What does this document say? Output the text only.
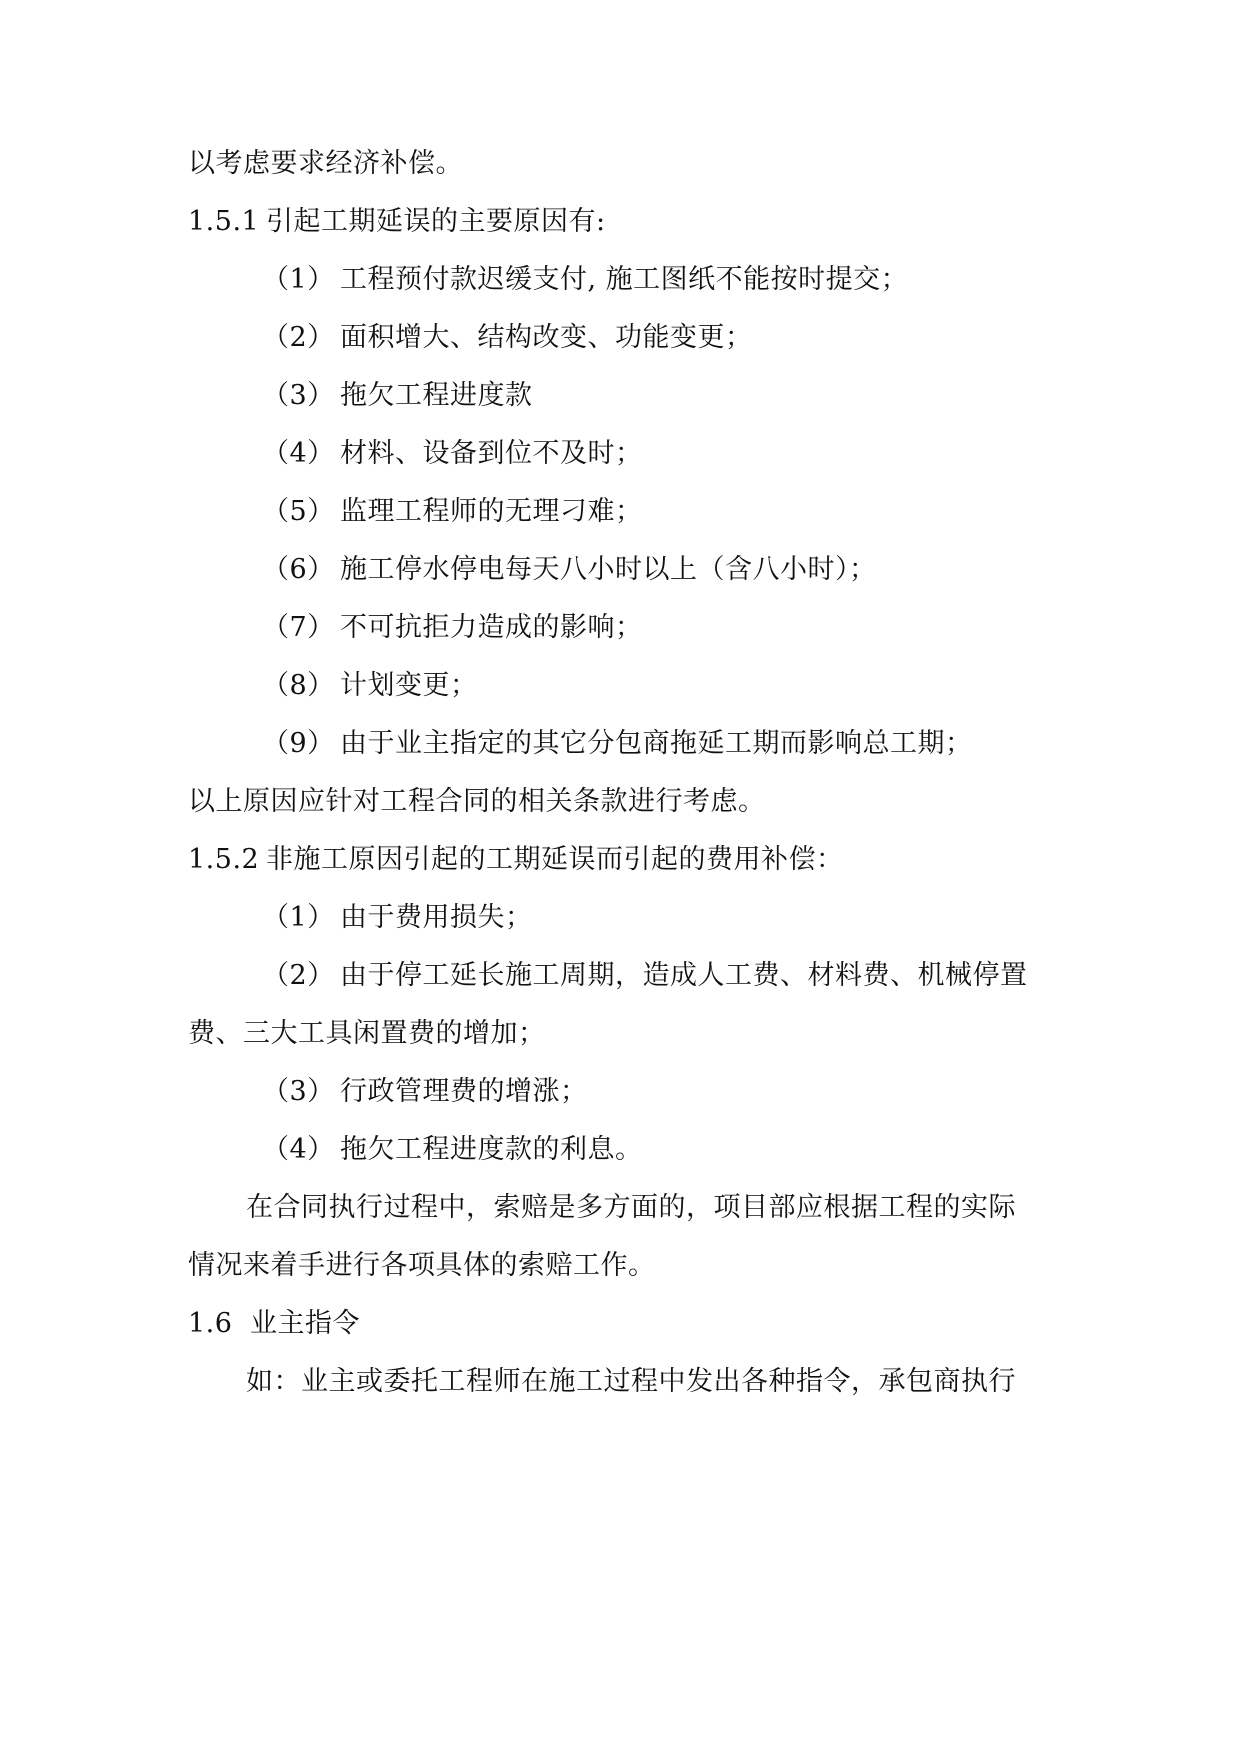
以考虑要求经济补偿。
1.5.1 引起工期延误的主要原因有:
（1） 工程预付款迟缓支付, 施工图纸不能按时提交；
（2） 面积增大、结构改变、功能变更；
（3） 拖欠工程进度款
（4） 材料、设备到位不及时；
（5） 监理工程师的无理刁难；
（6） 施工停水停电每天八小时以上（含八小时）；
（7） 不可抗拒力造成的影响；
（8） 计划变更；
（9） 由于业主指定的其它分包商拖延工期而影响总工期；
以上原因应针对工程合同的相关条款进行考虑。
1.5.2 非施工原因引起的工期延误而引起的费用补偿：
（1） 由于费用损失；
（2） 由于停工延长施工周期，造成人工费、材料费、机械停置
费、三大工具闲置费的增加；
（3） 行政管理费的增涨；
（4） 拖欠工程进度款的利息。
在合同执行过程中，索赔是多方面的，项目部应根据工程的实际
情况来着手进行各项具体的索赔工作。
1.6 业主指令
如：业主或委托工程师在施工过程中发出各种指令，承包商执行
